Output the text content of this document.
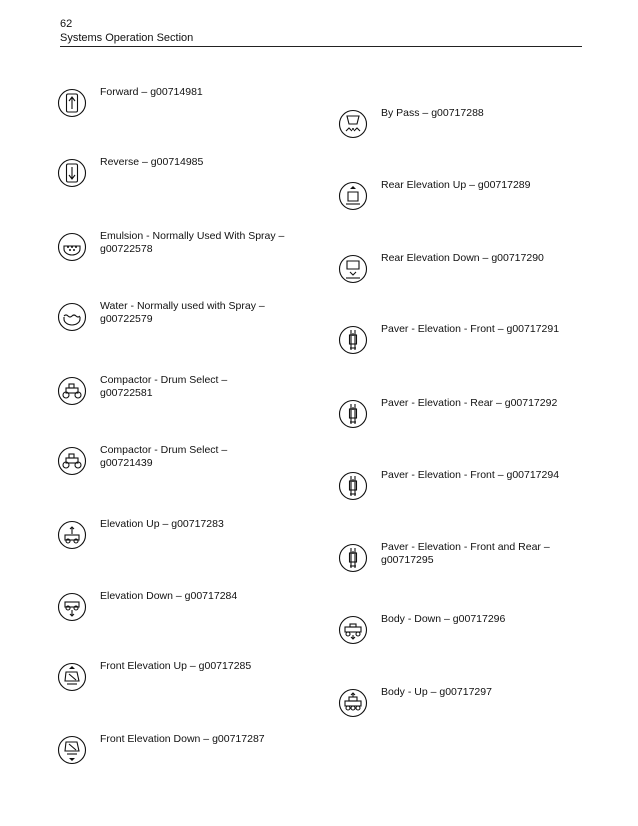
62
Systems Operation Section
Forward – g00714981
Reverse – g00714985
Emulsion - Normally Used With Spray –
g00722578
Water - Normally used with Spray –
g00722579
Compactor - Drum Select –
g00722581
Compactor - Drum Select –
g00721439
Elevation Up – g00717283
Elevation Down – g00717284
Front Elevation Up – g00717285
Front Elevation Down – g00717287
By Pass – g00717288
Rear Elevation Up – g00717289
Rear Elevation Down – g00717290
Paver - Elevation - Front – g00717291
Paver - Elevation - Rear – g00717292
Paver - Elevation - Front – g00717294
Paver - Elevation - Front and Rear –
g00717295
Body - Down – g00717296
Body - Up – g00717297
